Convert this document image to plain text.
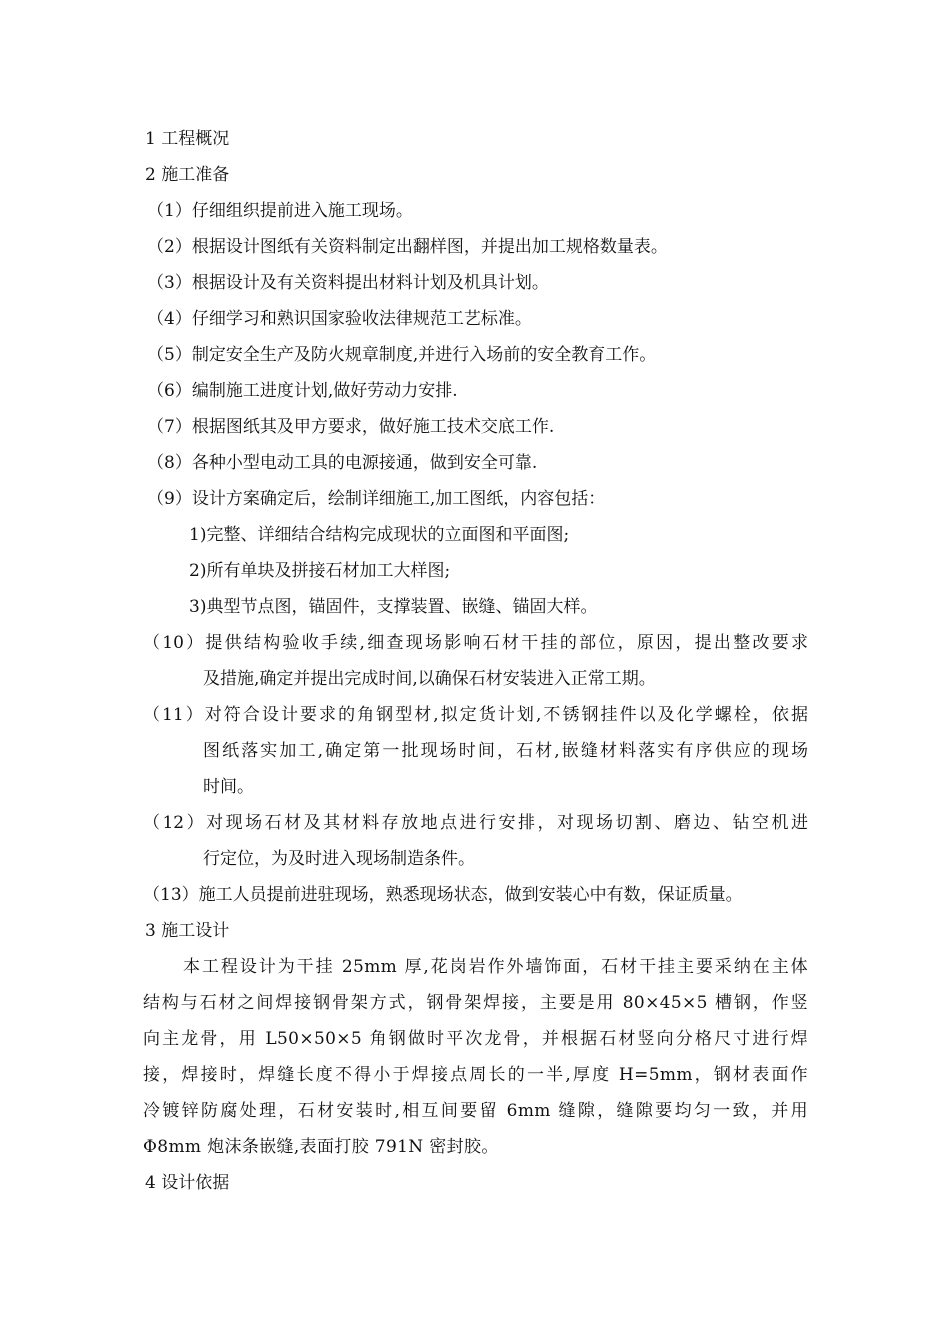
1 工程概况
2 施工准备
（1）仔细组织提前进入施工现场。
（2）根据设计图纸有关资料制定出翻样图，并提出加工规格数量表。
（3）根据设计及有关资料提出材料计划及机具计划。
（4）仔细学习和熟识国家验收法律规范工艺标准。
（5）制定安全生产及防火规章制度,并进行入场前的安全教育工作。
（6）编制施工进度计划,做好劳动力安排.
（7）根据图纸其及甲方要求，做好施工技术交底工作.
（8）各种小型电动工具的电源接通，做到安全可靠.
（9）设计方案确定后，绘制详细施工,加工图纸，内容包括：
1)完整、详细结合结构完成现状的立面图和平面图;
2)所有单块及拼接石材加工大样图;
3)典型节点图，锚固件，支撑装置、嵌缝、锚固大样。
（10）提供结构验收手续,细查现场影响石材干挂的部位，原因，提出整改要求
及措施,确定并提出完成时间,以确保石材安装进入正常工期。
（11）对符合设计要求的角钢型材,拟定货计划,不锈钢挂件以及化学螺栓，依据
图纸落实加工,确定第一批现场时间，石材,嵌缝材料落实有序供应的现场
时间。
（12）对现场石材及其材料存放地点进行安排，对现场切割、磨边、钻空机进
行定位，为及时进入现场制造条件。
（13）施工人员提前进驻现场，熟悉现场状态，做到安装心中有数，保证质量。
3 施工设计
本工程设计为干挂 25mm 厚,花岗岩作外墙饰面，石材干挂主要采纳在主体
结构与石材之间焊接钢骨架方式，钢骨架焊接，主要是用 80×45×5 槽钢，作竖
向主龙骨，用 L50×50×5 角钢做时平次龙骨，并根据石材竖向分格尺寸进行焊
接，焊接时，焊缝长度不得小于焊接点周长的一半,厚度 H=5mm，钢材表面作
冷镀锌防腐处理，石材安装时,相互间要留 6mm 缝隙，缝隙要均匀一致，并用
Φ8mm 炮沫条嵌缝,表面打胶 791N 密封胶。
4 设计依据
